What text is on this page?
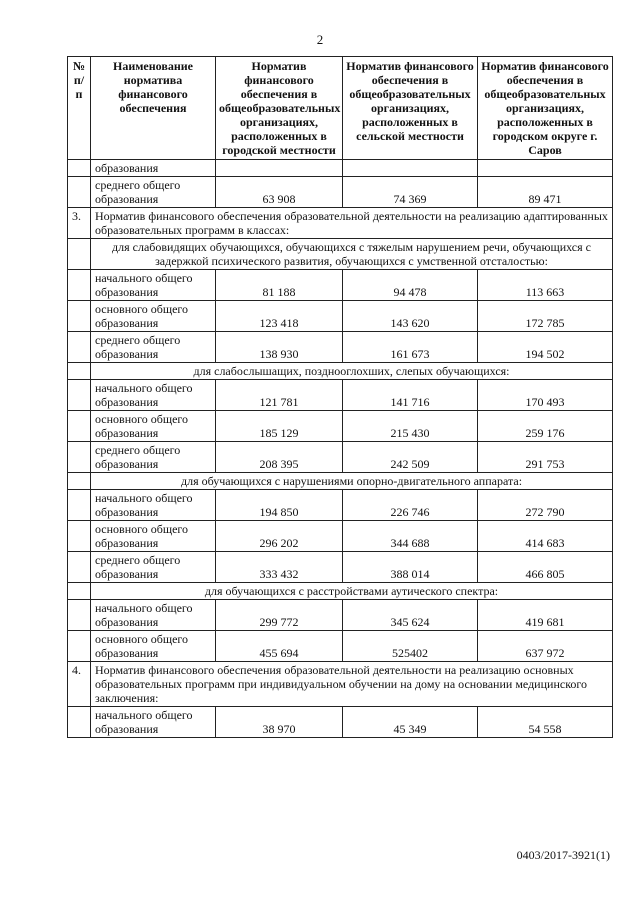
2
№ п/п	Наименование норматива финансового обеспечения	Норматив финансового обеспечения в общеобразовательных организациях, расположенных в городской местности	Норматив финансового обеспечения в общеобразовательных организациях, расположенных в сельской местности	Норматив финансового обеспечения в общеобразовательных организациях, расположенных в городском округе г. Саров
	образования			
	среднего общего образования	63 908	74 369	89 471
3.	Норматив финансового обеспечения образовательной деятельности на реализацию адаптированных образовательных программ в классах:			
	для слабовидящих обучающихся, обучающихся с тяжелым нарушением речи, обучающихся с задержкой психического развития, обучающихся с умственной отсталостью:			
	начального общего образования	81 188	94 478	113 663
	основного общего образования	123 418	143 620	172 785
	среднего общего образования	138 930	161 673	194 502
	для слабослышащих, позднооглохших, слепых обучающихся:			
	начального общего образования	121 781	141 716	170 493
	основного общего образования	185 129	215 430	259 176
	среднего общего образования	208 395	242 509	291 753
	для обучающихся с нарушениями опорно-двигательного аппарата:			
	начального общего образования	194 850	226 746	272 790
	основного общего образования	296 202	344 688	414 683
	среднего общего образования	333 432	388 014	466 805
	для обучающихся с расстройствами аутического спектра:			
	начального общего образования	299 772	345 624	419 681
	основного общего образования	455 694	525402	637 972
4.	Норматив финансового обеспечения образовательной деятельности на реализацию основных образовательных программ при индивидуальном обучении на дому на основании медицинского заключения:			
	начального общего образования	38 970	45 349	54 558
0403/2017-3921(1)
